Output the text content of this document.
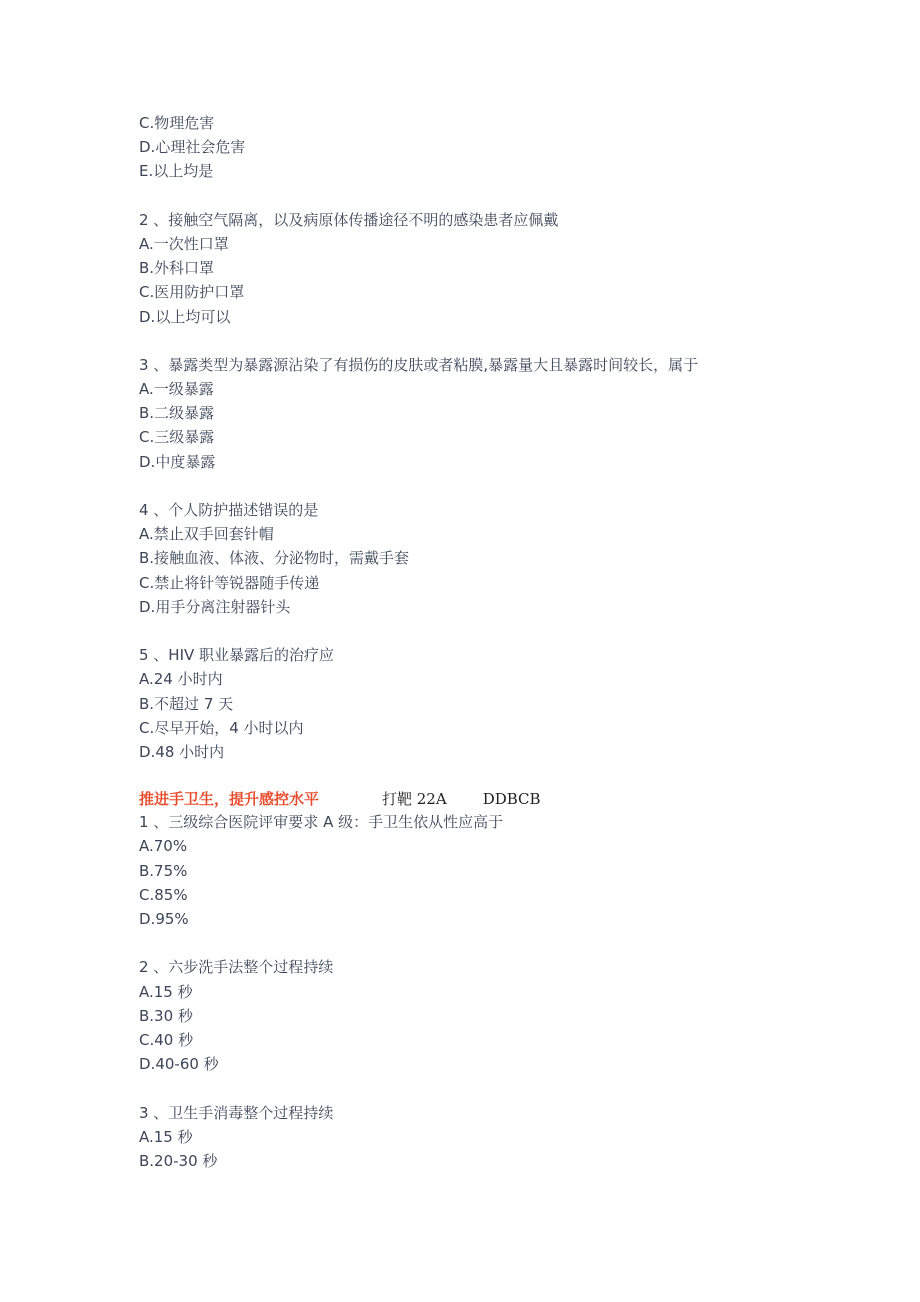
C.物理危害
D.心理社会危害
E.以上均是
2 、接触空气隔离，以及病原体传播途径不明的感染患者应佩戴
A.一次性口罩
B.外科口罩
C.医用防护口罩
D.以上均可以
3 、暴露类型为暴露源沾染了有损伤的皮肤或者粘膜,暴露量大且暴露时间较长，属于
A.一级暴露
B.二级暴露
C.三级暴露
D.中度暴露
4 、个人防护描述错误的是
A.禁止双手回套针帽
B.接触血液、体液、分泌物时，需戴手套
C.禁止将针等锐器随手传递
D.用手分离注射器针头
5 、HIV 职业暴露后的治疗应
A.24 小时内
B.不超过 7 天
C.尽早开始，4 小时以内
D.48 小时内
推进手卫生，提升感控水平	打靶 22A DDBCB
1 、三级综合医院评审要求 A 级：手卫生依从性应高于
A.70%
B.75%
C.85%
D.95%
2 、六步洗手法整个过程持续
A.15 秒
B.30 秒
C.40 秒
D.40-60 秒
3 、卫生手消毒整个过程持续
A.15 秒
B.20-30 秒
